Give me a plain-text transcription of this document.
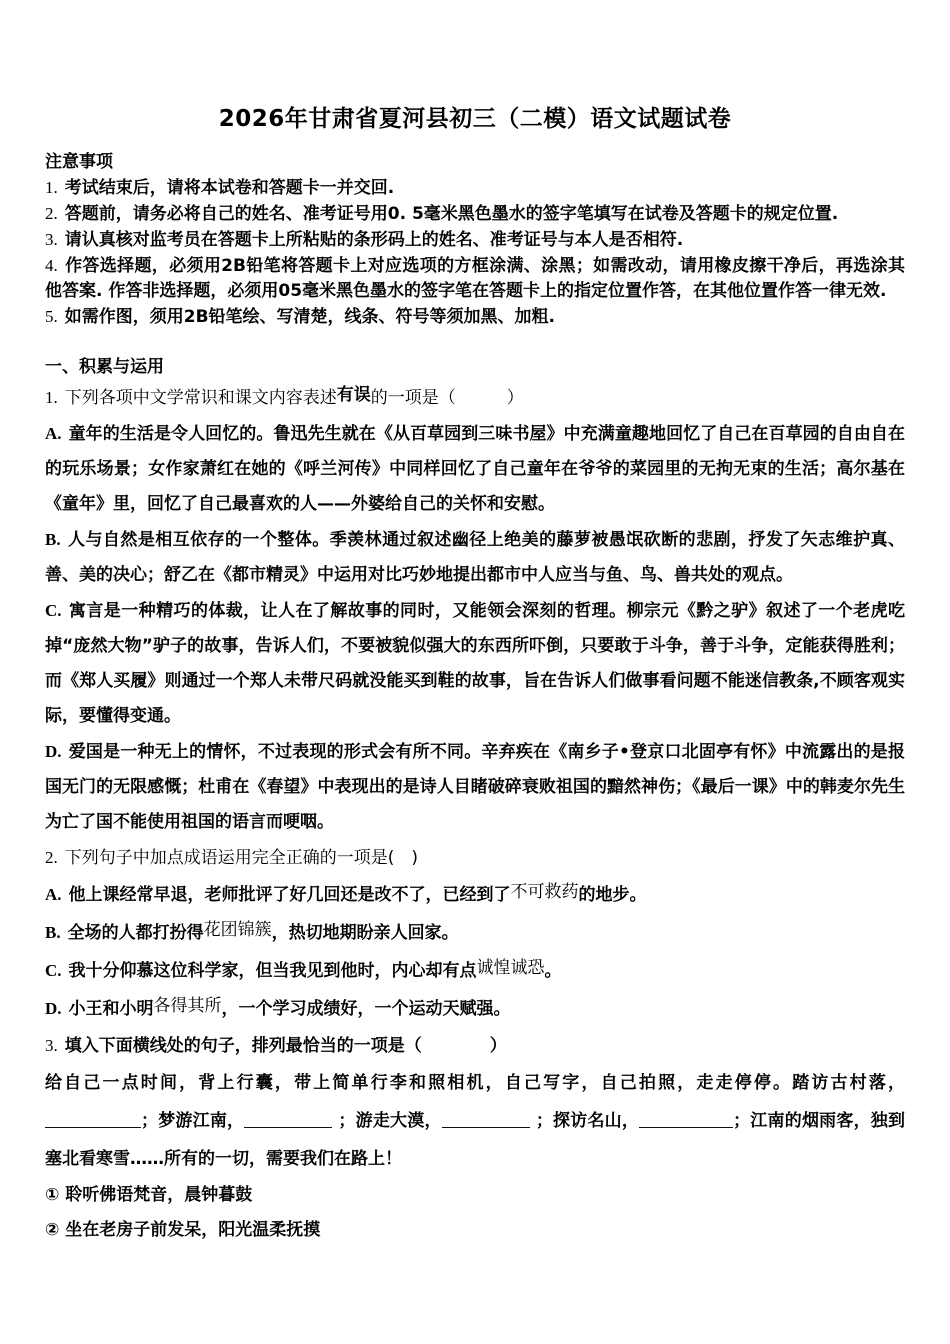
2026年甘肃省夏河县初三（二模）语文试题试卷
注意事项
1. 考试结束后，请将本试卷和答题卡一并交回.
2. 答题前，请务必将自己的姓名、准考证号用0. 5毫米黑色墨水的签字笔填写在试卷及答题卡的规定位置.
3. 请认真核对监考员在答题卡上所粘贴的条形码上的姓名、准考证号与本人是否相符.
4. 作答选择题，必须用2B铅笔将答题卡上对应选项的方框涂满、涂黑；如需改动，请用橡皮擦干净后，再选涂其他答案. 作答非选择题，必须用05毫米黑色墨水的签字笔在答题卡上的指定位置作答，在其他位置作答一律无效.
5. 如需作图，须用2B铅笔绘、写清楚，线条、符号等须加黑、加粗.
一、积累与运用
1. 下列各项中文学常识和课文内容表述有误的一项是（　　　）
A. 童年的生活是令人回忆的。鲁迅先生就在《从百草园到三味书屋》中充满童趣地回忆了自己在百草园的自由自在的玩乐场景；女作家萧红在她的《呼兰河传》中同样回忆了自己童年在爷爷的菜园里的无拘无束的生活；高尔基在《童年》里，回忆了自己最喜欢的人——外婆给自己的关怀和安慰。
B. 人与自然是相互依存的一个整体。季羡林通过叙述幽径上绝美的藤萝被愚氓砍断的悲剧，抒发了矢志维护真、善、美的决心；舒乙在《都市精灵》中运用对比巧妙地提出都市中人应当与鱼、鸟、兽共处的观点。
C. 寓言是一种精巧的体裁，让人在了解故事的同时，又能领会深刻的哲理。柳宗元《黔之驴》叙述了一个老虎吃掉“庞然大物”驴子的故事，告诉人们，不要被貌似强大的东西所吓倒，只要敢于斗争，善于斗争，定能获得胜利；而《郑人买履》则通过一个郑人未带尺码就没能买到鞋的故事，旨在告诉人们做事看问题不能迷信教条,不顾客观实际，要懂得变通。
D. 爱国是一种无上的情怀，不过表现的形式会有所不同。辛弃疾在《南乡子•登京口北固亭有怀》中流露出的是报国无门的无限感慨；杜甫在《春望》中表现出的是诗人目睹破碎衰败祖国的黯然神伤；《最后一课》中的韩麦尔先生为亡了国不能使用祖国的语言而哽咽。
2. 下列句子中加点成语运用完全正确的一项是(　)
A. 他上课经常早退，老师批评了好几回还是改不了，已经到了不可救药的地步。
B. 全场的人都打扮得花团锦簇，热切地期盼亲人回家。
C. 我十分仰慕这位科学家，但当我见到他时，内心却有点诚惶诚恐。
D. 小王和小明各得其所，一个学习成绩好，一个运动天赋强。
3. 填入下面横线处的句子，排列最恰当的一项是（　　　　）
给自己一点时间，背上行囊，带上简单行李和照相机，自己写字，自己拍照，走走停停。踏访古村落，；梦游江南，	；游走大漠，	；探访名山，	；江南的烟雨客，独到塞北看寒雪……所有的一切，需要我们在路上！
① 聆听佛语梵音，晨钟暮鼓
② 坐在老房子前发呆，阳光温柔抚摸
